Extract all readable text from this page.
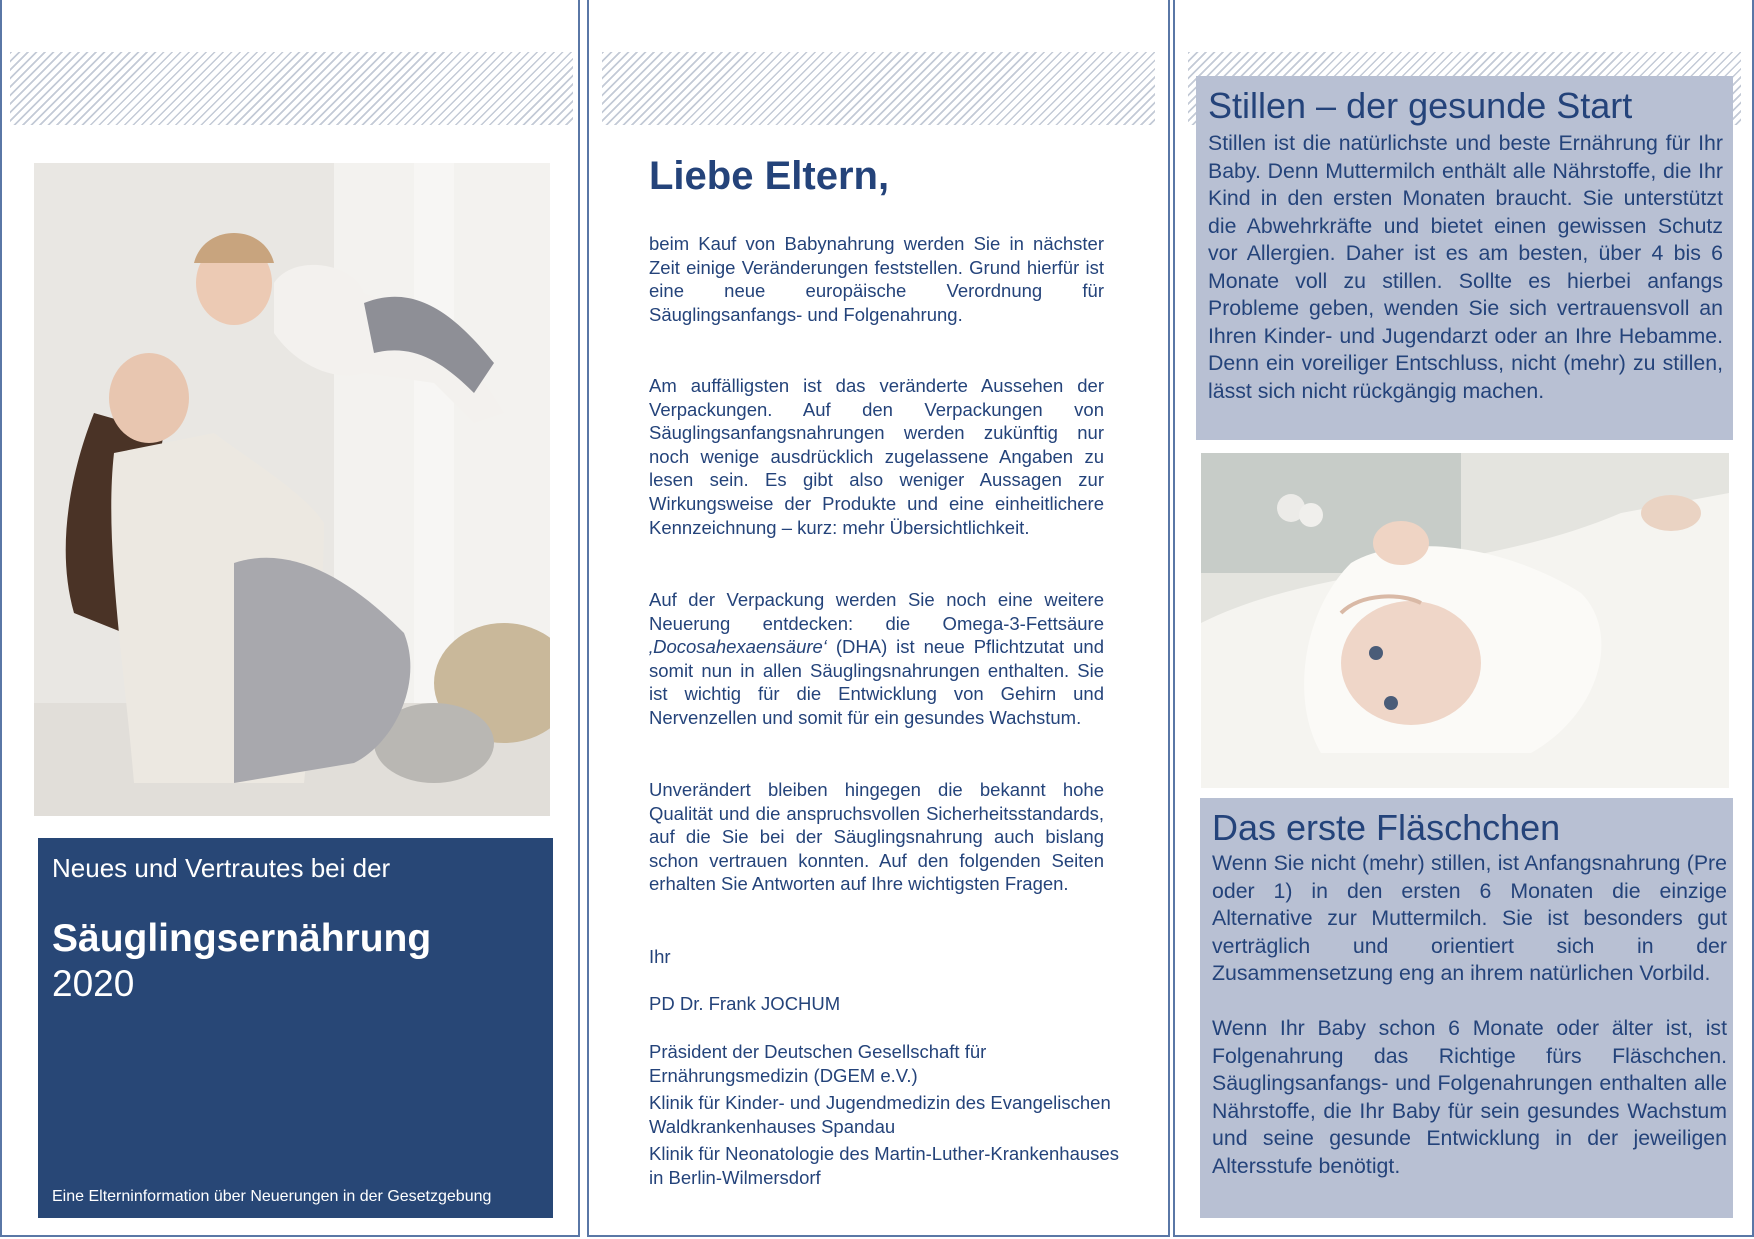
Neues und Vertrautes bei der
Säuglingsernährung
2020
Eine Elterninformation über Neuerungen in der Gesetzgebung
Liebe Eltern,
beim Kauf von Babynahrung werden Sie in nächster Zeit einige Veränderungen feststellen. Grund hierfür ist eine neue europäische Verordnung für Säuglingsanfangs- und Folgenahrung.
Am auffälligsten ist das veränderte Aussehen der Verpackungen. Auf den Verpackungen von Säuglingsanfangsnahrungen werden zukünftig nur noch wenige ausdrücklich zugelassene Angaben zu lesen sein. Es gibt also weniger Aussagen zur Wirkungsweise der Produkte und eine einheitlichere Kennzeichnung – kurz: mehr Übersichtlichkeit.
Auf der Verpackung werden Sie noch eine weitere Neuerung entdecken: die Omega-3-Fettsäure ‚Docosahexaensäure‘ (DHA) ist neue Pflichtzutat und somit nun in allen Säuglingsnahrungen enthalten. Sie ist wichtig für die Entwicklung von Gehirn und Nervenzellen und somit für ein gesundes Wachstum.
Unverändert bleiben hingegen die bekannt hohe Qualität und die anspruchsvollen Sicherheitsstandards, auf die Sie bei der Säuglingsnahrung auch bislang schon vertrauen konnten. Auf den folgenden Seiten erhalten Sie Antworten auf Ihre wichtigsten Fragen.
Ihr
PD Dr. Frank JOCHUM
Präsident der Deutschen Gesellschaft für Ernährungsmedizin (DGEM e.V.)
Klinik für Kinder- und Jugendmedizin des Evangelischen Waldkrankenhauses Spandau
Klinik für Neonatologie des Martin-Luther-Krankenhauses in Berlin-Wilmersdorf
Stillen – der gesunde Start
Stillen ist die natürlichste und beste Ernährung für Ihr Baby. Denn Muttermilch enthält alle Nährstoffe, die Ihr Kind in den ersten Monaten braucht. Sie unterstützt die Abwehrkräfte und bietet einen gewissen Schutz vor Allergien. Daher ist es am besten, über 4 bis 6 Monate voll zu stillen. Sollte es hierbei anfangs Probleme geben, wenden Sie sich vertrauensvoll an Ihren Kinder- und Jugendarzt oder an Ihre Hebamme. Denn ein voreiliger Entschluss, nicht (mehr) zu stillen, lässt sich nicht rückgängig machen.
Das erste Fläschchen
Wenn Sie nicht (mehr) stillen, ist Anfangsnahrung (Pre oder 1) in den ersten 6 Monaten die einzige Alternative zur Muttermilch. Sie ist besonders gut verträglich und orientiert sich in der Zusammensetzung eng an ihrem natürlichen Vorbild.
Wenn Ihr Baby schon 6 Monate oder älter ist, ist Folgenahrung das Richtige fürs Fläschchen. Säuglingsanfangs- und Folgenahrungen enthalten alle Nährstoffe, die Ihr Baby für sein gesundes Wachstum und seine gesunde Entwicklung in der jeweiligen Altersstufe benötigt.
